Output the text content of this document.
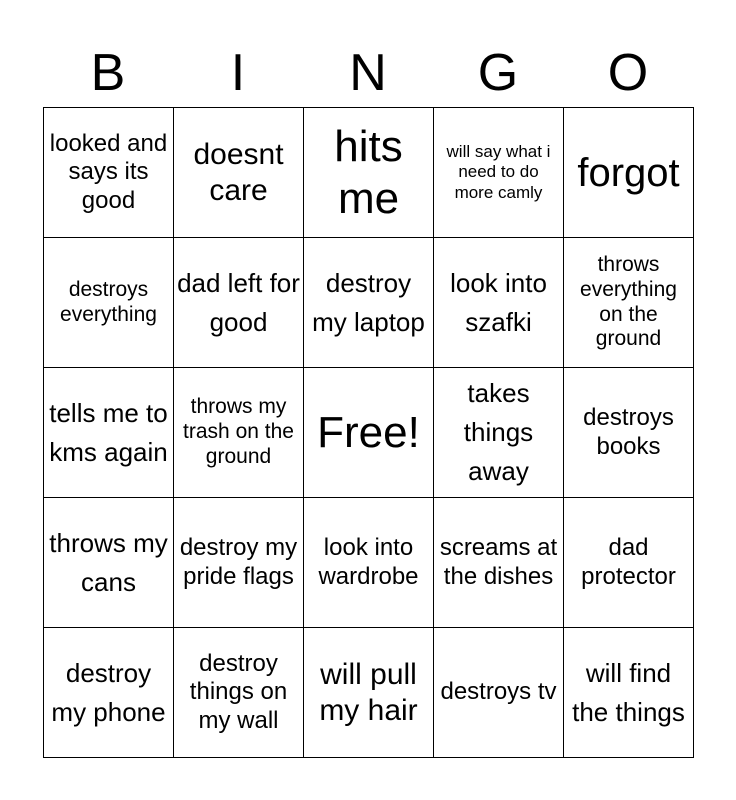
B	I	N	G	O
looked and says its good	doesnt care	hits me	will say what i need to do more camly	forgot
destroys everything	dad left for good	destroy my laptop	look into szafki	throws everything on the ground
tells me to kms again	throws my trash on the ground	Free!	takes things away	destroys books
throws my cans	destroy my pride flags	look into wardrobe	screams at the dishes	dad protector
destroy my phone	destroy things on my wall	will pull my hair	destroys tv	will find the things
